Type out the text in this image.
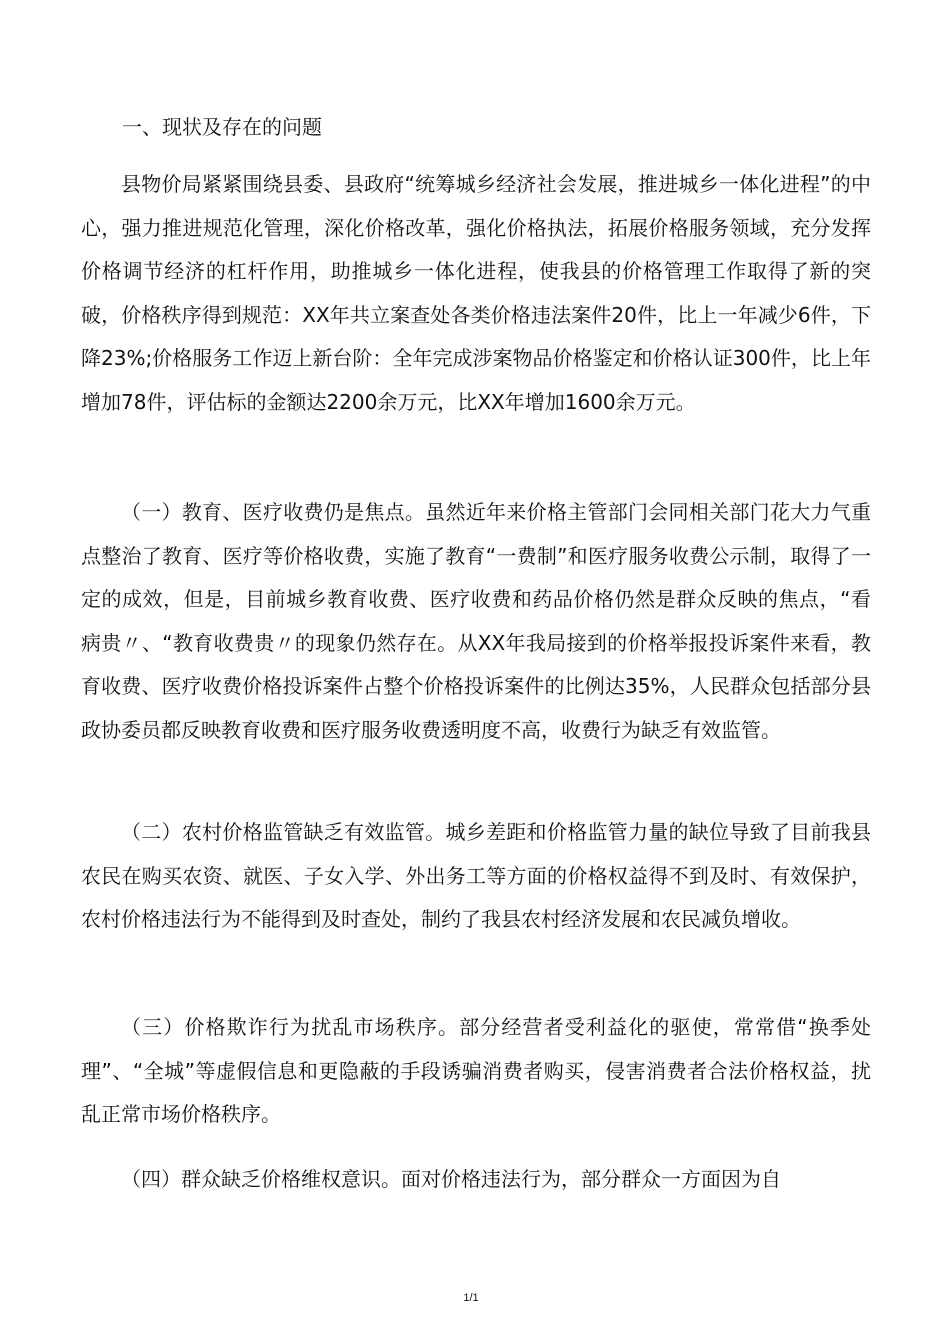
一、现状及存在的问题

县物价局紧紧围绕县委、县政府“统筹城乡经济社会发展，推进城乡一体化进程”的中心，强力推进规范化管理，深化价格改革，强化价格执法，拓展价格服务领域，充分发挥价格调节经济的杠杆作用，助推城乡一体化进程，使我县的价格管理工作取得了新的突破，价格秩序得到规范：XX年共立案查处各类价格违法案件20件，比上一年减少6件，下降23%;价格服务工作迈上新台阶：全年完成涉案物品价格鉴定和价格认证300件，比上年增加78件，评估标的金额达2200余万元，比XX年增加1600余万元。

（一）教育、医疗收费仍是焦点。虽然近年来价格主管部门会同相关部门花大力气重点整治了教育、医疗等价格收费，实施了教育“一费制”和医疗服务收费公示制，取得了一定的成效，但是，目前城乡教育收费、医疗收费和药品价格仍然是群众反映的焦点，“看病贵〃、“教育收费贵〃的现象仍然存在。从XX年我局接到的价格举报投诉案件来看，教育收费、医疗收费价格投诉案件占整个价格投诉案件的比例达35%，人民群众包括部分县政协委员都反映教育收费和医疗服务收费透明度不高，收费行为缺乏有效监管。

（二）农村价格监管缺乏有效监管。城乡差距和价格监管力量的缺位导致了目前我县农民在购买农资、就医、子女入学、外出务工等方面的价格权益得不到及时、有效保护，农村价格违法行为不能得到及时查处，制约了我县农村经济发展和农民减负增收。

（三）价格欺诈行为扰乱市场秩序。部分经营者受利益化的驱使，常常借“换季处理”、“全城”等虚假信息和更隐蔽的手段诱骗消费者购买，侵害消费者合法价格权益，扰乱正常市场价格秩序。

（四）群众缺乏价格维权意识。面对价格违法行为，部分群众一方面因为自

1/1
